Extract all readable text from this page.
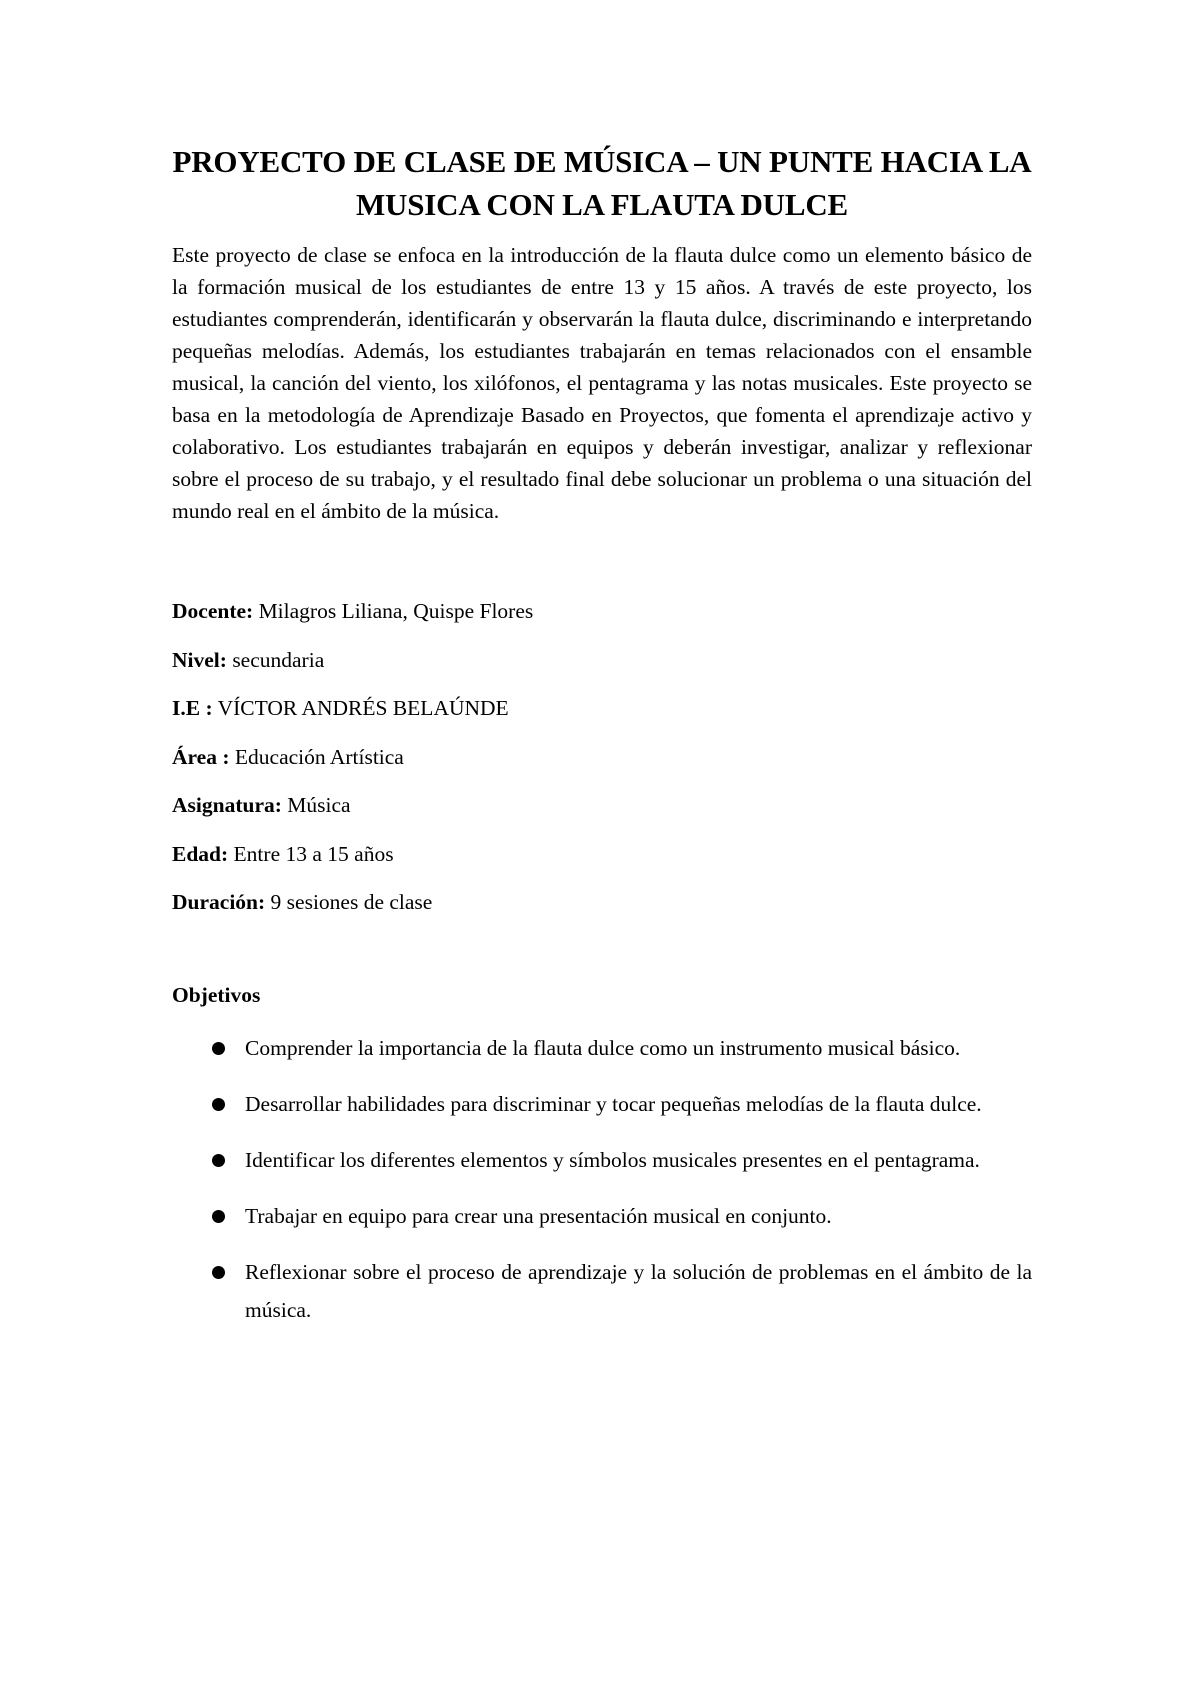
PROYECTO DE CLASE DE MÚSICA – UN PUNTE HACIA LA MUSICA CON LA FLAUTA DULCE

Este proyecto de clase se enfoca en la introducción de la flauta dulce como un elemento básico de la formación musical de los estudiantes de entre 13 y 15 años. A través de este proyecto, los estudiantes comprenderán, identificarán y observarán la flauta dulce, discriminando e interpretando pequeñas melodías. Además, los estudiantes trabajarán en temas relacionados con el ensamble musical, la canción del viento, los xilófonos, el pentagrama y las notas musicales. Este proyecto se basa en la metodología de Aprendizaje Basado en Proyectos, que fomenta el aprendizaje activo y colaborativo. Los estudiantes trabajarán en equipos y deberán investigar, analizar y reflexionar sobre el proceso de su trabajo, y el resultado final debe solucionar un problema o una situación del mundo real en el ámbito de la música.

Docente: Milagros Liliana, Quispe Flores
Nivel: secundaria
I.E : VÍCTOR ANDRÉS BELAÚNDE
Área : Educación Artística
Asignatura: Música
Edad: Entre 13 a 15 años
Duración: 9 sesiones de clase
Objetivos
Comprender la importancia de la flauta dulce como un instrumento musical básico.
Desarrollar habilidades para discriminar y tocar pequeñas melodías de la flauta dulce.
Identificar los diferentes elementos y símbolos musicales presentes en el pentagrama.
Trabajar en equipo para crear una presentación musical en conjunto.
Reflexionar sobre el proceso de aprendizaje y la solución de problemas en el ámbito de la música.
